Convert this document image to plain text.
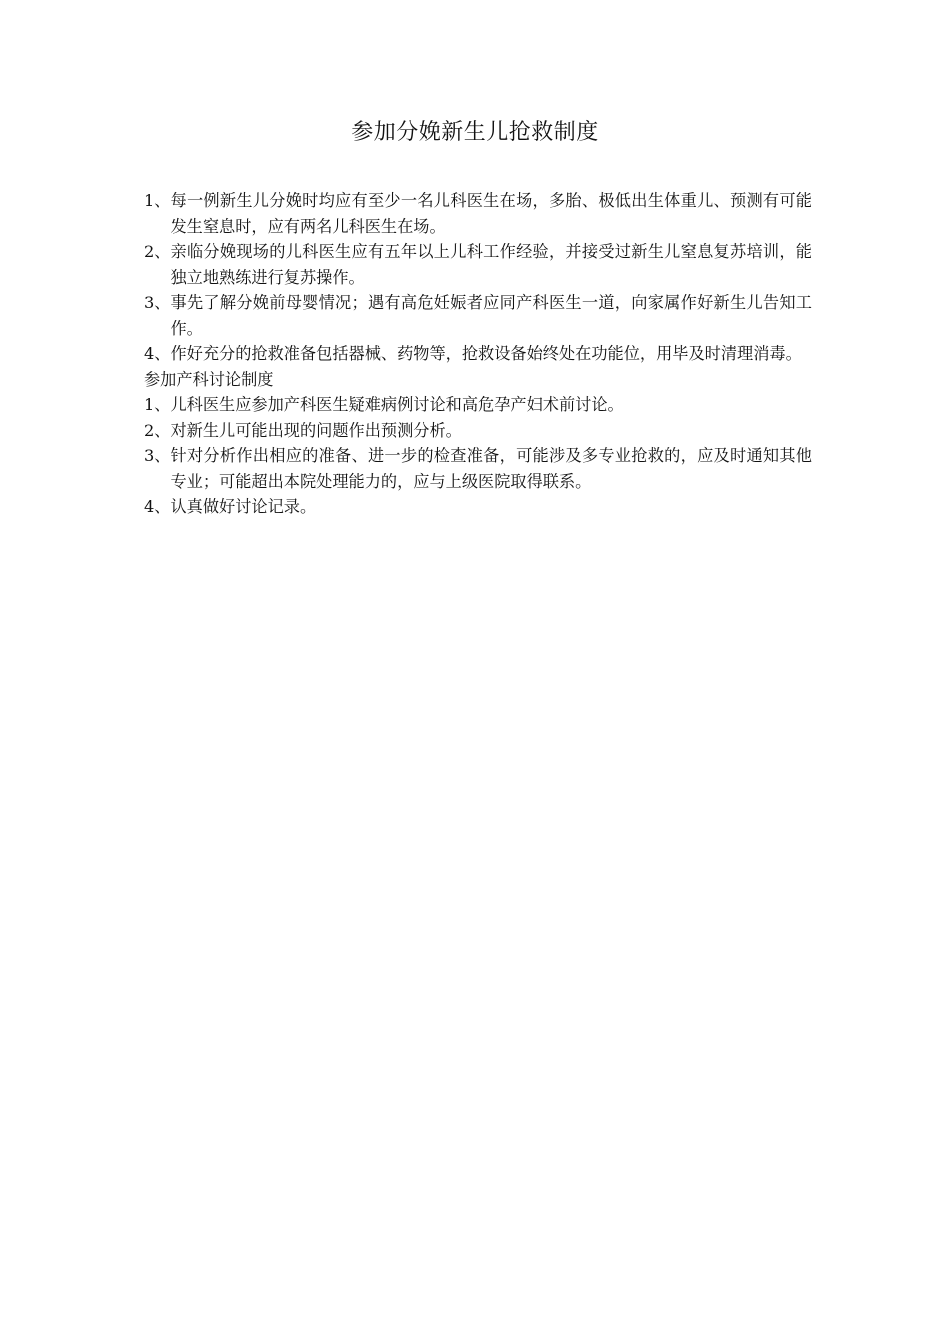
参加分娩新生儿抢救制度
1、 每一例新生儿分娩时均应有至少一名儿科医生在场，多胎、极低出生体重儿、预测有可能发生窒息时，应有两名儿科医生在场。
2、 亲临分娩现场的儿科医生应有五年以上儿科工作经验，并接受过新生儿窒息复苏培训，能独立地熟练进行复苏操作。
3、 事先了解分娩前母婴情况；遇有高危妊娠者应同产科医生一道，向家属作好新生儿告知工作。
4、 作好充分的抢救准备包括器械、药物等，抢救设备始终处在功能位，用毕及时清理消毒。
参加产科讨论制度
1、 儿科医生应参加产科医生疑难病例讨论和高危孕产妇术前讨论。
2、 对新生儿可能出现的问题作出预测分析。
3、 针对分析作出相应的准备、进一步的检查准备，可能涉及多专业抢救的，应及时通知其他专业；可能超出本院处理能力的，应与上级医院取得联系。
4、 认真做好讨论记录。
